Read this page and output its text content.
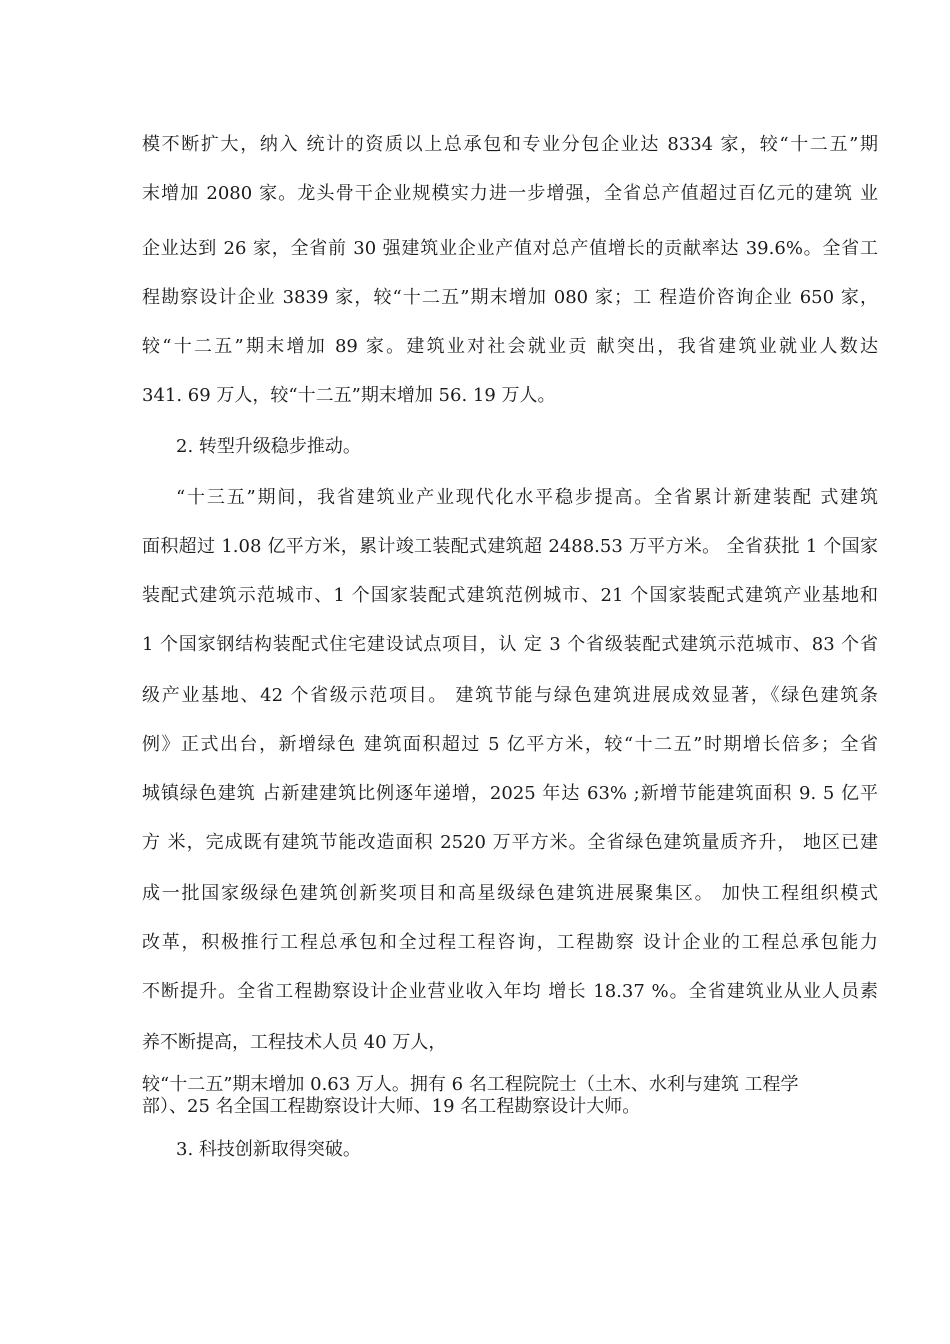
模不断扩大，纳入 统计的资质以上总承包和专业分包企业达 8334 家，较“十二五”期
末增加 2080 家。龙头骨干企业规模实力进一步增强，全省总产值超过百亿元的建筑 业
企业达到 26 家，全省前 30 强建筑业企业产值对总产值增长的贡献率达 39.6%。全省工
程勘察设计企业 3839 家，较“十二五”期末增加 080 家；工 程造价咨询企业 650 家，
较“十二五”期末增加 89 家。建筑业对社会就业贡 献突出，我省建筑业就业人数达
341. 69 万人，较“十二五”期末增加 56. 19 万人。
2. 转型升级稳步推动。
“十三五”期间，我省建筑业产业现代化水平稳步提高。全省累计新建装配 式建筑
面积超过 1.08 亿平方米，累计竣工装配式建筑超 2488.53 万平方米。 全省获批 1 个国家
装配式建筑示范城市、1 个国家装配式建筑范例城市、21 个国家装配式建筑产业基地和
1 个国家钢结构装配式住宅建设试点项目，认 定 3 个省级装配式建筑示范城市、83 个省
级产业基地、42 个省级示范项目。 建筑节能与绿色建筑进展成效显著，《绿色建筑条
例》正式出台，新增绿色 建筑面积超过 5 亿平方米，较“十二五”时期增长倍多；全省
城镇绿色建筑 占新建建筑比例逐年递增，2025 年达 63% ;新增节能建筑面积 9. 5 亿平
方 米，完成既有建筑节能改造面积 2520 万平方米。全省绿色建筑量质齐升， 地区已建
成一批国家级绿色建筑创新奖项目和高星级绿色建筑进展聚集区。 加快工程组织模式
改革，积极推行工程总承包和全过程工程咨询，工程勘察 设计企业的工程总承包能力
不断提升。全省工程勘察设计企业营业收入年均 增长 18.37 %。全省建筑业从业人员素
养不断提高，工程技术人员 40 万人，
较“十二五”期末增加 0.63 万人。拥有 6 名工程院院士（土木、水利与建筑 工程学
部）、25 名全国工程勘察设计大师、19 名工程勘察设计大师。
3. 科技创新取得突破。
